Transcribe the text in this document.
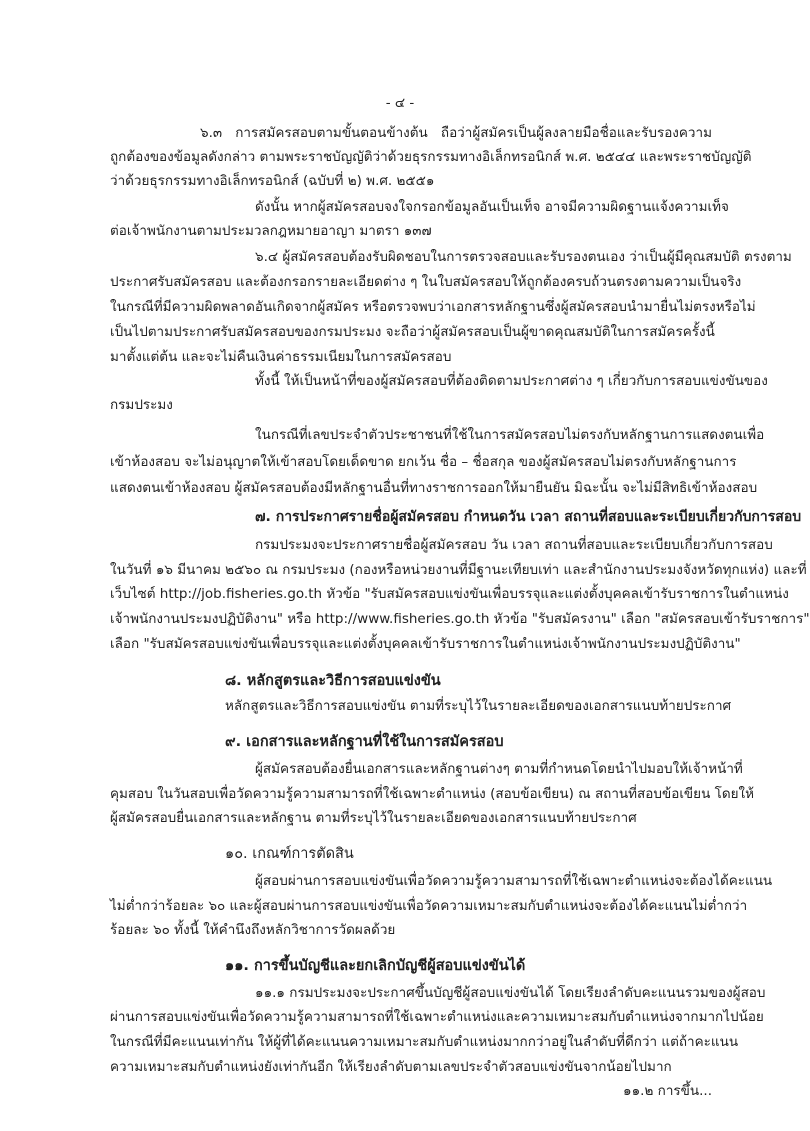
- ๔ -
๖.๓ การสมัครสอบตามขั้นตอนข้างต้น ถือว่าผู้สมัครเป็นผู้ลงลายมือชื่อและรับรองความ
ถูกต้องของข้อมูลดังกล่าว ตามพระราชบัญญัติว่าด้วยธุรกรรมทางอิเล็กทรอนิกส์ พ.ศ. ๒๕๔๔ และพระราชบัญญัติ
ว่าด้วยธุรกรรมทางอิเล็กทรอนิกส์ (ฉบับที่ ๒) พ.ศ. ๒๕๕๑
ดังนั้น หากผู้สมัครสอบจงใจกรอกข้อมูลอันเป็นเท็จ อาจมีความผิดฐานแจ้งความเท็จ
ต่อเจ้าพนักงานตามประมวลกฎหมายอาญา มาตรา ๑๓๗
๖.๔ ผู้สมัครสอบต้องรับผิดชอบในการตรวจสอบและรับรองตนเอง ว่าเป็นผู้มีคุณสมบัติ ตรงตาม
ประกาศรับสมัครสอบ และต้องกรอกรายละเอียดต่าง ๆ ในใบสมัครสอบให้ถูกต้องครบถ้วนตรงตามความเป็นจริง
ในกรณีที่มีความผิดพลาดอันเกิดจากผู้สมัคร หรือตรวจพบว่าเอกสารหลักฐานซึ่งผู้สมัครสอบนำมายื่นไม่ตรงหรือไม่
เป็นไปตามประกาศรับสมัครสอบของกรมประมง จะถือว่าผู้สมัครสอบเป็นผู้ขาดคุณสมบัติในการสมัครครั้งนี้
มาตั้งแต่ต้น และจะไม่คืนเงินค่าธรรมเนียมในการสมัครสอบ
ทั้งนี้ ให้เป็นหน้าที่ของผู้สมัครสอบที่ต้องติดตามประกาศต่าง ๆ เกี่ยวกับการสอบแข่งขันของ
กรมประมง
ในกรณีที่เลขประจำตัวประชาชนที่ใช้ในการสมัครสอบไม่ตรงกับหลักฐานการแสดงตนเพื่อ
เข้าห้องสอบ จะไม่อนุญาตให้เข้าสอบโดยเด็ดขาด ยกเว้น ชื่อ – ชื่อสกุล ของผู้สมัครสอบไม่ตรงกับหลักฐานการ
แสดงตนเข้าห้องสอบ ผู้สมัครสอบต้องมีหลักฐานอื่นที่ทางราชการออกให้มายืนยัน มิฉะนั้น จะไม่มีสิทธิเข้าห้องสอบ
๗. การประกาศรายชื่อผู้สมัครสอบ กำหนดวัน เวลา สถานที่สอบและระเบียบเกี่ยวกับการสอบ
กรมประมงจะประกาศรายชื่อผู้สมัครสอบ วัน เวลา สถานที่สอบและระเบียบเกี่ยวกับการสอบ
ในวันที่ ๑๖ มีนาคม ๒๕๖๐ ณ กรมประมง (กองหรือหน่วยงานที่มีฐานะเทียบเท่า และสำนักงานประมงจังหวัดทุกแห่ง) และที่
เว็บไซต์ http://job.fisheries.go.th หัวข้อ "รับสมัครสอบแข่งขันเพื่อบรรจุและแต่งตั้งบุคคลเข้ารับราชการในตำแหน่ง
เจ้าพนักงานประมงปฏิบัติงาน" หรือ http://www.fisheries.go.th หัวข้อ "รับสมัครงาน" เลือก "สมัครสอบเข้ารับราชการ"
เลือก "รับสมัครสอบแข่งขันเพื่อบรรจุและแต่งตั้งบุคคลเข้ารับราชการในตำแหน่งเจ้าพนักงานประมงปฏิบัติงาน"
๘. หลักสูตรและวิธีการสอบแข่งขัน
หลักสูตรและวิธีการสอบแข่งขัน ตามที่ระบุไว้ในรายละเอียดของเอกสารแนบท้ายประกาศ
๙. เอกสารและหลักฐานที่ใช้ในการสมัครสอบ
ผู้สมัครสอบต้องยื่นเอกสารและหลักฐานต่างๆ ตามที่กำหนดโดยนำไปมอบให้เจ้าหน้าที่
คุมสอบ ในวันสอบเพื่อวัดความรู้ความสามารถที่ใช้เฉพาะตำแหน่ง (สอบข้อเขียน) ณ สถานที่สอบข้อเขียน โดยให้
ผู้สมัครสอบยื่นเอกสารและหลักฐาน ตามที่ระบุไว้ในรายละเอียดของเอกสารแนบท้ายประกาศ
๑๐. เกณฑ์การตัดสิน
ผู้สอบผ่านการสอบแข่งขันเพื่อวัดความรู้ความสามารถที่ใช้เฉพาะตำแหน่งจะต้องได้คะแนน
ไม่ต่ำกว่าร้อยละ ๖๐ และผู้สอบผ่านการสอบแข่งขันเพื่อวัดความเหมาะสมกับตำแหน่งจะต้องได้คะแนนไม่ต่ำกว่า
ร้อยละ ๖๐ ทั้งนี้ ให้คำนึงถึงหลักวิชาการวัดผลด้วย
๑๑. การขึ้นบัญชีและยกเลิกบัญชีผู้สอบแข่งขันได้
๑๑.๑ กรมประมงจะประกาศขึ้นบัญชีผู้สอบแข่งขันได้ โดยเรียงลำดับคะแนนรวมของผู้สอบ
ผ่านการสอบแข่งขันเพื่อวัดความรู้ความสามารถที่ใช้เฉพาะตำแหน่งและความเหมาะสมกับตำแหน่งจากมากไปน้อย
ในกรณีที่มีคะแนนเท่ากัน ให้ผู้ที่ได้คะแนนความเหมาะสมกับตำแหน่งมากกว่าอยู่ในลำดับที่ดีกว่า แต่ถ้าคะแนน
ความเหมาะสมกับตำแหน่งยังเท่ากันอีก ให้เรียงลำดับตามเลขประจำตัวสอบแข่งขันจากน้อยไปมาก
๑๑.๒ การขึ้น...
